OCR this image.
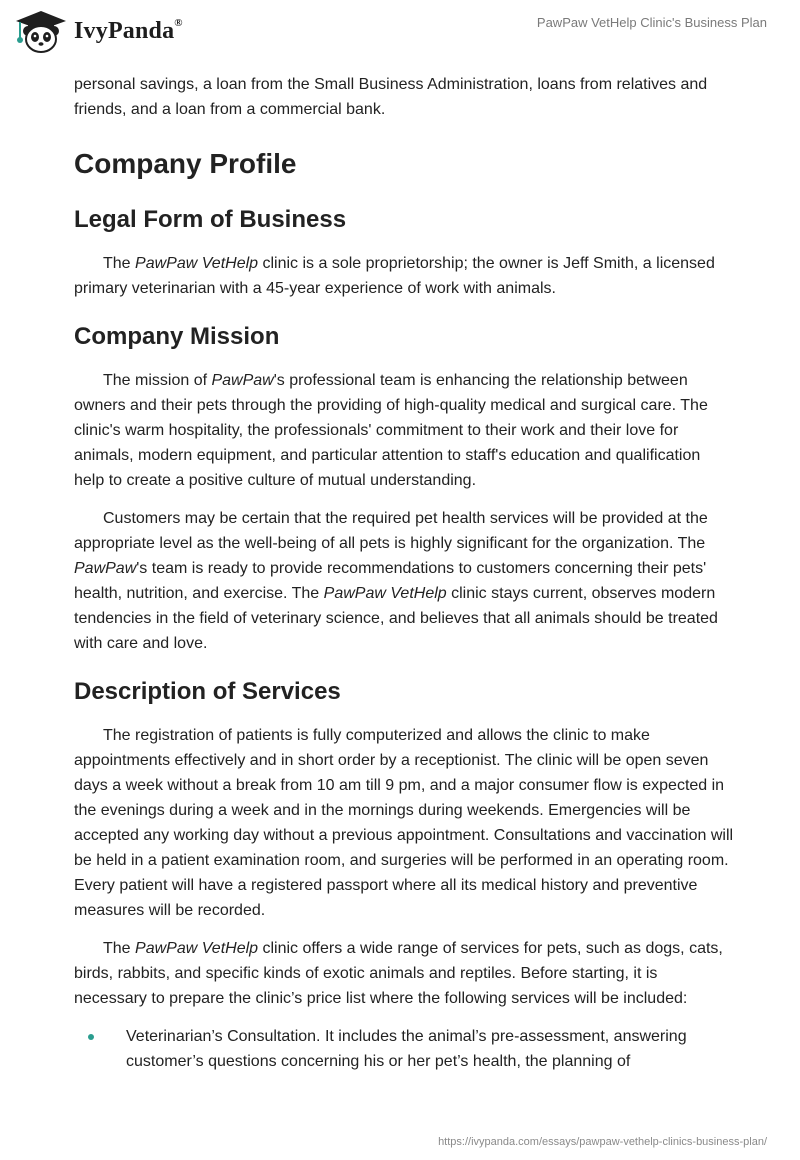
IvyPanda®	PawPaw VetHelp Clinic's Business Plan

personal savings, a loan from the Small Business Administration, loans from relatives and friends, and a loan from a commercial bank.

Company Profile
Legal Form of Business

The PawPaw VetHelp clinic is a sole proprietorship; the owner is Jeff Smith, a licensed primary veterinarian with a 45-year experience of work with animals.

Company Mission

The mission of PawPaw's professional team is enhancing the relationship between owners and their pets through the providing of high-quality medical and surgical care. The clinic's warm hospitality, the professionals' commitment to their work and their love for animals, modern equipment, and particular attention to staff's education and qualification help to create a positive culture of mutual understanding.

Customers may be certain that the required pet health services will be provided at the appropriate level as the well-being of all pets is highly significant for the organization. The PawPaw's team is ready to provide recommendations to customers concerning their pets' health, nutrition, and exercise. The PawPaw VetHelp clinic stays current, observes modern tendencies in the field of veterinary science, and believes that all animals should be treated with care and love.

Description of Services

The registration of patients is fully computerized and allows the clinic to make appointments effectively and in short order by a receptionist. The clinic will be open seven days a week without a break from 10 am till 9 pm, and a major consumer flow is expected in the evenings during a week and in the mornings during weekends. Emergencies will be accepted any working day without a previous appointment. Consultations and vaccination will be held in a patient examination room, and surgeries will be performed in an operating room. Every patient will have a registered passport where all its medical history and preventive measures will be recorded.

The PawPaw VetHelp clinic offers a wide range of services for pets, such as dogs, cats, birds, rabbits, and specific kinds of exotic animals and reptiles. Before starting, it is necessary to prepare the clinic’s price list where the following services will be included:

Veterinarian’s Consultation. It includes the animal’s pre-assessment, answering customer’s questions concerning his or her pet’s health, the planning of
https://ivypanda.com/essays/pawpaw-vethelp-clinics-business-plan/
